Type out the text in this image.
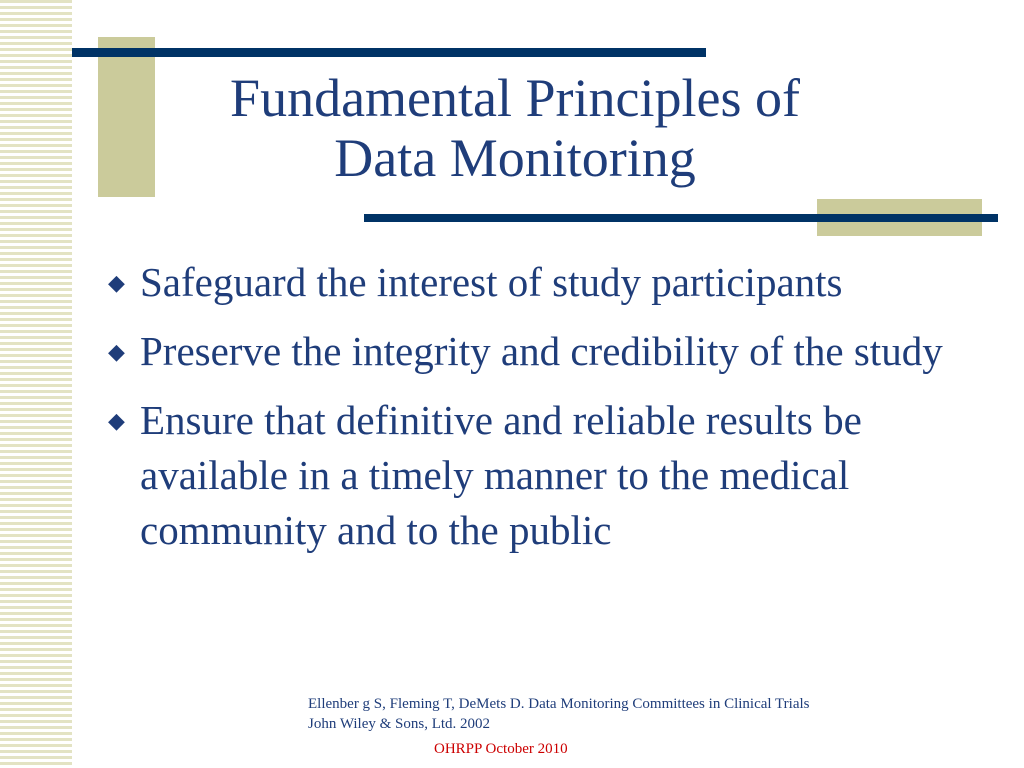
Fundamental Principles of
Data Monitoring
◆ Safeguard the interest of study participants
◆ Preserve the integrity and credibility of the study
◆ Ensure that definitive and reliable results be available in a timely manner to the medical community and to the public
Ellenber g S, Fleming T, DeMets D. Data Monitoring Committees in Clinical Trials
John Wiley & Sons, Ltd. 2002
OHRPP October 2010
